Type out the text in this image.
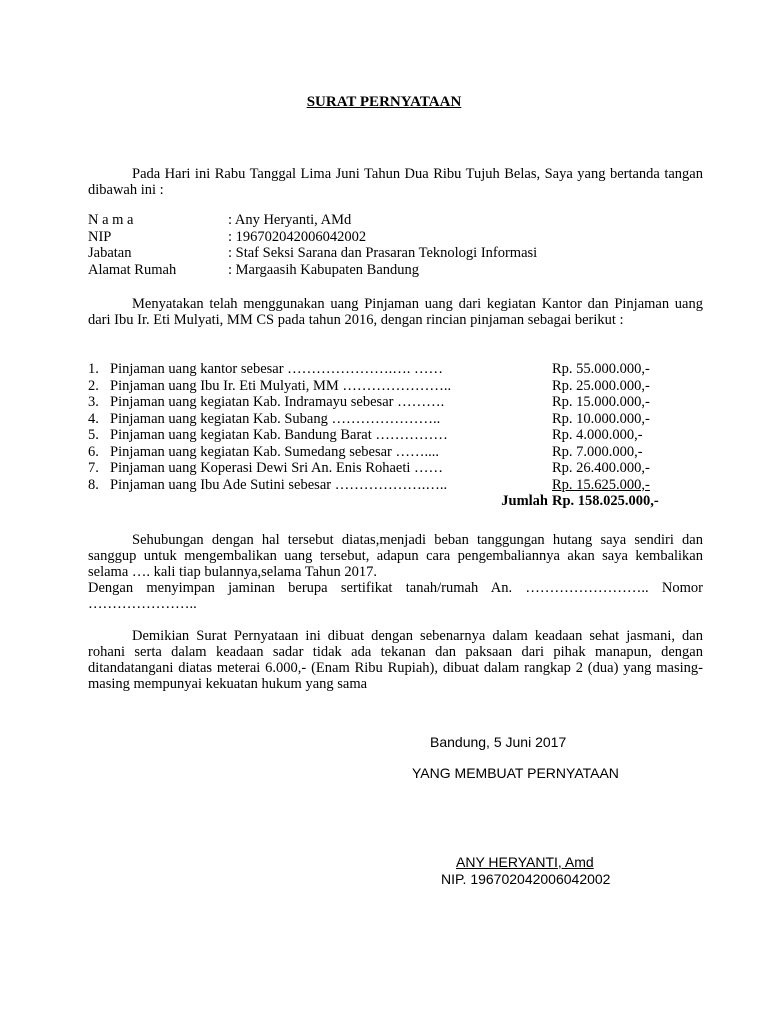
SURAT PERNYATAAN
Pada Hari ini Rabu Tanggal Lima Juni Tahun Dua Ribu Tujuh Belas, Saya yang bertanda tangan dibawah ini :
N a m a	: Any Heryanti, AMd
NIP	: 196702042006042002
Jabatan	: Staf Seksi Sarana dan Prasaran Teknologi Informasi
Alamat Rumah	: Margaasih Kabupaten Bandung
Menyatakan telah menggunakan uang Pinjaman uang dari kegiatan Kantor dan Pinjaman uang dari Ibu Ir. Eti Mulyati, MM CS pada tahun 2016, dengan rincian pinjaman sebagai berikut :
1. Pinjaman uang kantor sebesar ………………….…. ……	Rp. 55.000.000,-
2. Pinjaman uang Ibu Ir. Eti Mulyati, MM …………………..	Rp. 25.000.000,-
3. Pinjaman uang kegiatan Kab. Indramayu sebesar ……….	Rp. 15.000.000,-
4. Pinjaman uang kegiatan Kab. Subang …………………..	Rp. 10.000.000,-
5. Pinjaman uang kegiatan Kab. Bandung Barat ……………	Rp. 4.000.000,-
6. Pinjaman uang kegiatan Kab. Sumedang sebesar ……....	Rp. 7.000.000,-
7. Pinjaman uang Koperasi Dewi Sri An. Enis Rohaeti ……	Rp. 26.400.000,-
8. Pinjaman uang Ibu Ade Sutini sebesar ……………….…..	Rp. 15.625.000,-
Jumlah Rp. 158.025.000,-
Sehubungan dengan hal tersebut diatas,menjadi beban tanggungan hutang saya sendiri dan sanggup untuk mengembalikan uang tersebut, adapun cara pengembaliannya akan saya kembalikan selama …. kali tiap bulannya,selama Tahun 2017.
Dengan menyimpan jaminan berupa sertifikat tanah/rumah An. …………………….. Nomor …………………..
Demikian Surat Pernyataan ini dibuat dengan sebenarnya dalam keadaan sehat jasmani, dan rohani serta dalam keadaan sadar tidak ada tekanan dan paksaan dari pihak manapun, dengan ditandatangani diatas meterai 6.000,- (Enam Ribu Rupiah), dibuat dalam rangkap 2 (dua) yang masing-masing mempunyai kekuatan hukum yang sama
Bandung, 5 Juni 2017
YANG MEMBUAT PERNYATAAN
ANY HERYANTI, Amd
NIP. 196702042006042002
